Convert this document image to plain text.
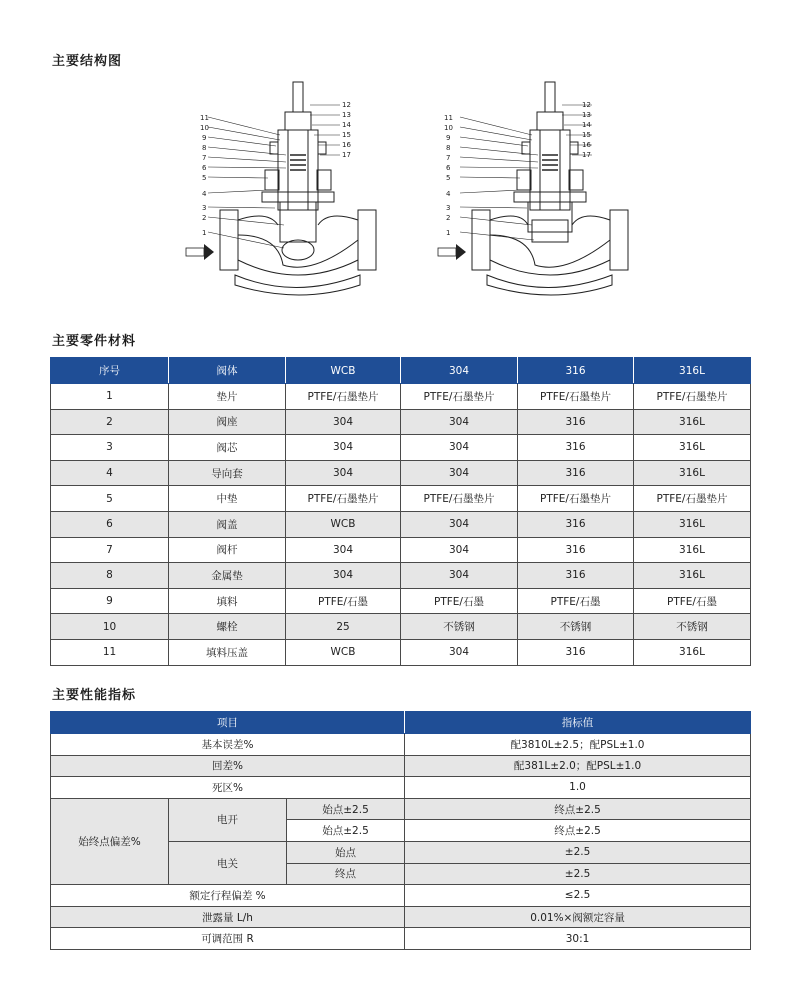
主要结构图
11
10
9
8
7
6
5
4
3
2
1
12
13
14
15
16
17
11
10
9
8
7
6
5
4
3
2
1
12
13
14
15
16
17
主要零件材料
序号	阀体	WCB	304	316	316L
1	垫片	PTFE/石墨垫片	PTFE/石墨垫片	PTFE/石墨垫片	PTFE/石墨垫片
2	阀座	304	304	316	316L
3	阀芯	304	304	316	316L
4	导向套	304	304	316	316L
5	中垫	PTFE/石墨垫片	PTFE/石墨垫片	PTFE/石墨垫片	PTFE/石墨垫片
6	阀盖	WCB	304	316	316L
7	阀杆	304	304	316	316L
8	金属垫	304	304	316	316L
9	填料	PTFE/石墨	PTFE/石墨	PTFE/石墨	PTFE/石墨
10	螺栓	25	不锈钢	不锈钢	不锈钢
11	填料压盖	WCB	304	316	316L
主要性能指标
项目			指标值
基本误差%			配3810L±2.5；配PSL±1.0
回差%			配381L±2.0；配PSL±1.0
死区%			1.0
始终点偏差%	电开	始点±2.5	终点±2.5
		始点±2.5	终点±2.5
	电关	始点	±2.5
		终点	±2.5
额定行程偏差 %			≤2.5
泄露量 L/h			0.01%×阀额定容量
可调范围 R			30:1
